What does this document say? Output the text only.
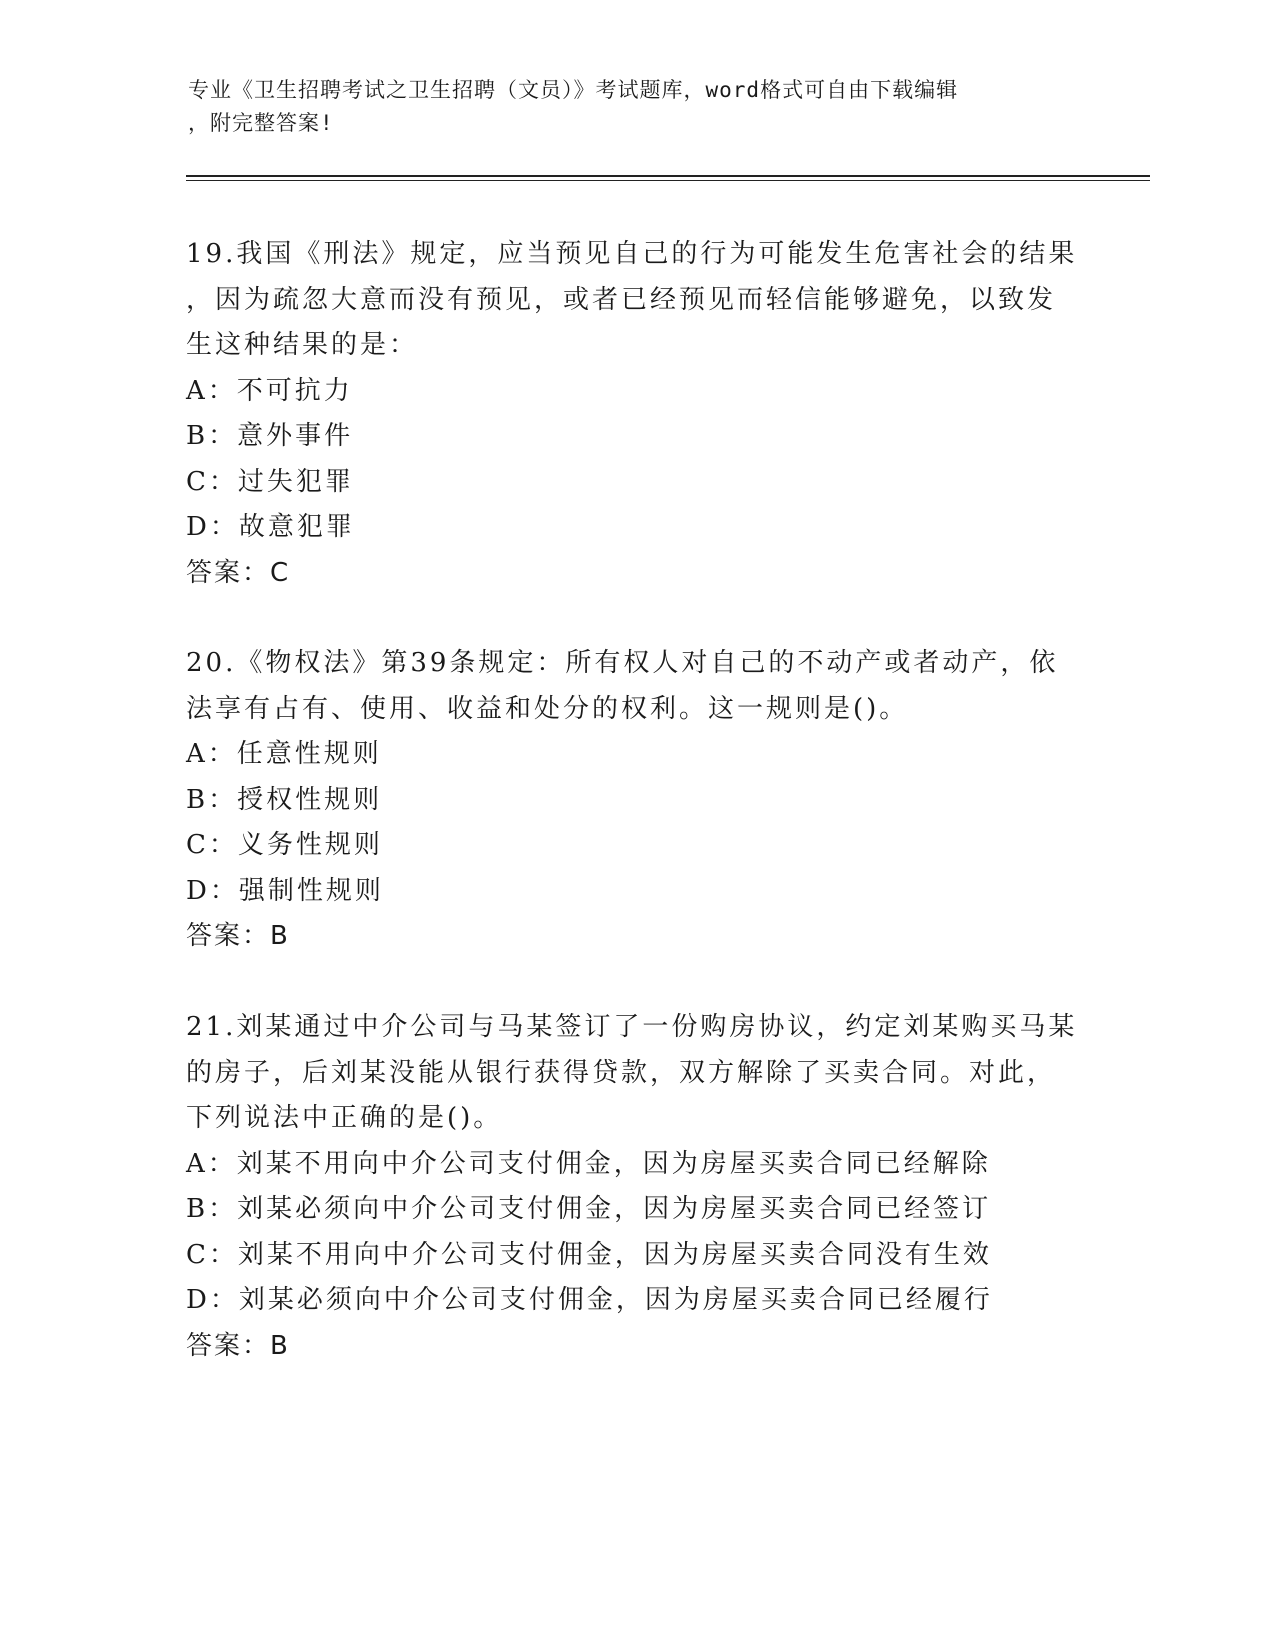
专业《卫生招聘考试之卫生招聘（文员）》考试题库，word格式可自由下载编辑
，附完整答案!
19.我国《刑法》规定，应当预见自己的行为可能发生危害社会的结果
，因为疏忽大意而没有预见，或者已经预见而轻信能够避免，以致发
生这种结果的是：
A：不可抗力
B：意外事件
C：过失犯罪
D：故意犯罪
答案：C
20.《物权法》第39条规定：所有权人对自己的不动产或者动产，依
法享有占有、使用、收益和处分的权利。这一规则是()。
A：任意性规则
B：授权性规则
C：义务性规则
D：强制性规则
答案：B
21.刘某通过中介公司与马某签订了一份购房协议，约定刘某购买马某
的房子，后刘某没能从银行获得贷款，双方解除了买卖合同。对此，
下列说法中正确的是()。
A：刘某不用向中介公司支付佣金，因为房屋买卖合同已经解除
B：刘某必须向中介公司支付佣金，因为房屋买卖合同已经签订
C：刘某不用向中介公司支付佣金，因为房屋买卖合同没有生效
D：刘某必须向中介公司支付佣金，因为房屋买卖合同已经履行
答案：B
